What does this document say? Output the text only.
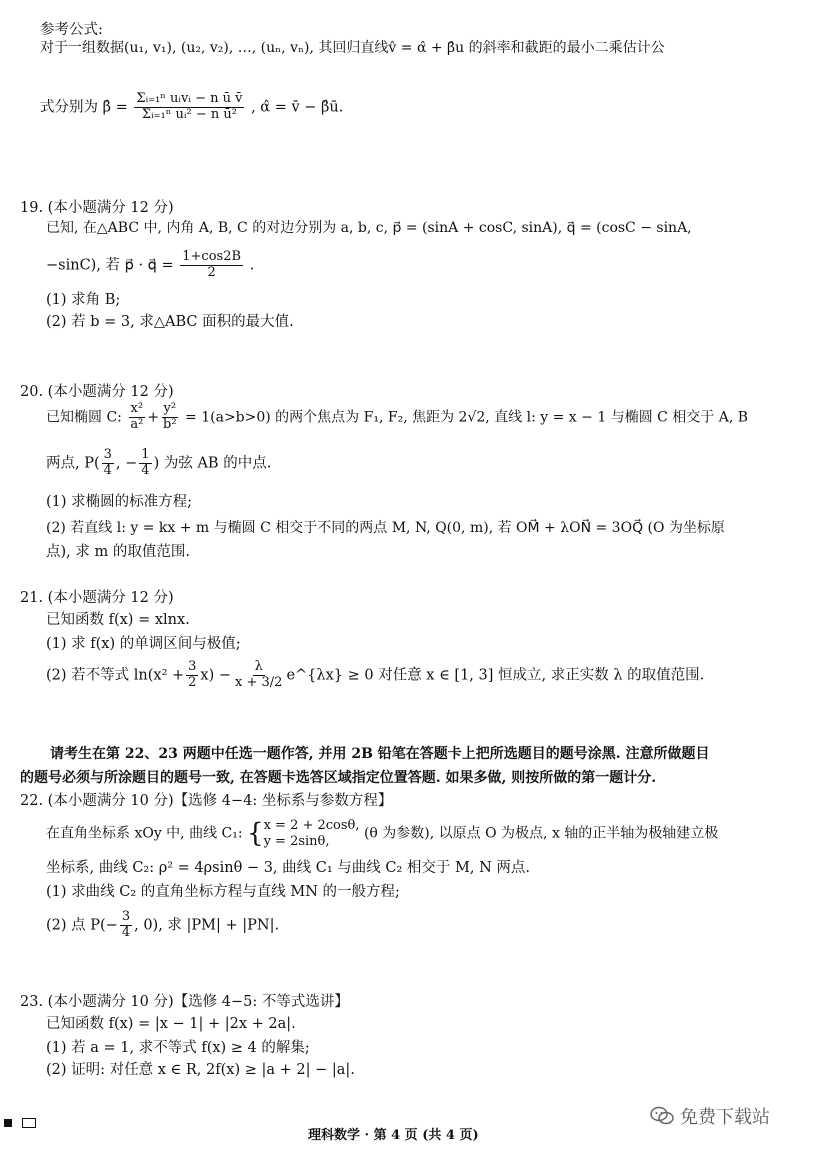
参考公式:
对于一组数据(u₁, v₁), (u₂, v₂), …, (uₙ, vₙ), 其回归直线v̂ = α̂ + β̂u 的斜率和截距的最小二乘估计公
式分别为 β̂ = $\frac{\text{Σᵢ₌₁ⁿ uᵢvᵢ − n ū v̄}}{\text{Σᵢ₌₁ⁿ uᵢ² − n ū²}}$ , α̂ = v̄ − β̂ū.
19. (本小题满分 12 分)
已知, 在△ABC 中, 内角 A, B, C 的对边分别为 a, b, c, p⃗ = (sinA + cosC, sinA), q⃗ = (cosC − sinA,
−sinC), 若 p⃗ · q⃗ = $\frac{1+\cos 2B}{2}$ .
(1) 求角 B;
(2) 若 b = 3, 求△ABC 面积的最大值.
20. (本小题满分 12 分)
已知椭圆 C: $\frac{\text{x²}}{\text{a²}} + \frac{\text{y²}}{\text{b²}} = 1(a>b>0)$ 的两个焦点为 F₁, F₂, 焦距为 2√2, 直线 l: y = x − 1 与椭圆 C 相交于 A, B
两点, $P( \frac{3}{4}$ , − $\frac{1}{4}$ ) 为弦 AB 的中点.
(1) 求椭圆的标准方程;
(2) 若直线 l: y = kx + m 与椭圆 C 相交于不同的两点 M, N, Q(0, m), 若 OM⃗ + λON⃗ = 3OQ⃗ (O 为坐标原
点), 求 m 的取值范围.
21. (本小题满分 12 分)
已知函数 f(x) = xlnx.
(1) 求 f(x) 的单调区间与极值;
(2) 若不等式 $\ln(x^2 + \frac{3}{2} x) - \frac{\lambda}{x + 3/2}$ e^{λx} ≥ 0 对任意 x ∈ [1, 3] 恒成立, 求正实数 λ 的取值范围.
请考生在第 22、23 两题中任选一题作答, 并用 2B 铅笔在答题卡上把所选题目的题号涂黑. 注意所做题目
的题号必须与所涂题目的题号一致, 在答题卡选答区域指定位置答题. 如果多做, 则按所做的第一题计分.
22. (本小题满分 10 分)【选修 4−4: 坐标系与参数方程】
在直角坐标系 xOy 中, 曲线 C₁: { x = 2 + 2cosθ,
y = 2sinθ,	(θ 为参数), 以原点 O 为极点, x 轴的正半轴为极轴建立极
坐标系, 曲线 C₂: ρ² = 4ρsinθ − 3, 曲线 C₁ 与曲线 C₂ 相交于 M, N 两点.
(1) 求曲线 C₂ 的直角坐标方程与直线 MN 的一般方程;
(2) 点 $P(- \frac{3}{4}$ , 0), 求 |PM| + |PN|.
23. (本小题满分 10 分)【选修 4−5: 不等式选讲】
已知函数 f(x) = |x − 1| + |2x + 2a|.
(1) 若 a = 1, 求不等式 f(x) ≥ 4 的解集;
(2) 证明: 对任意 x ∈ R, 2f(x) ≥ |a + 2| − |a|.
理科数学 · 第 4 页 (共 4 页)
免费下载站
